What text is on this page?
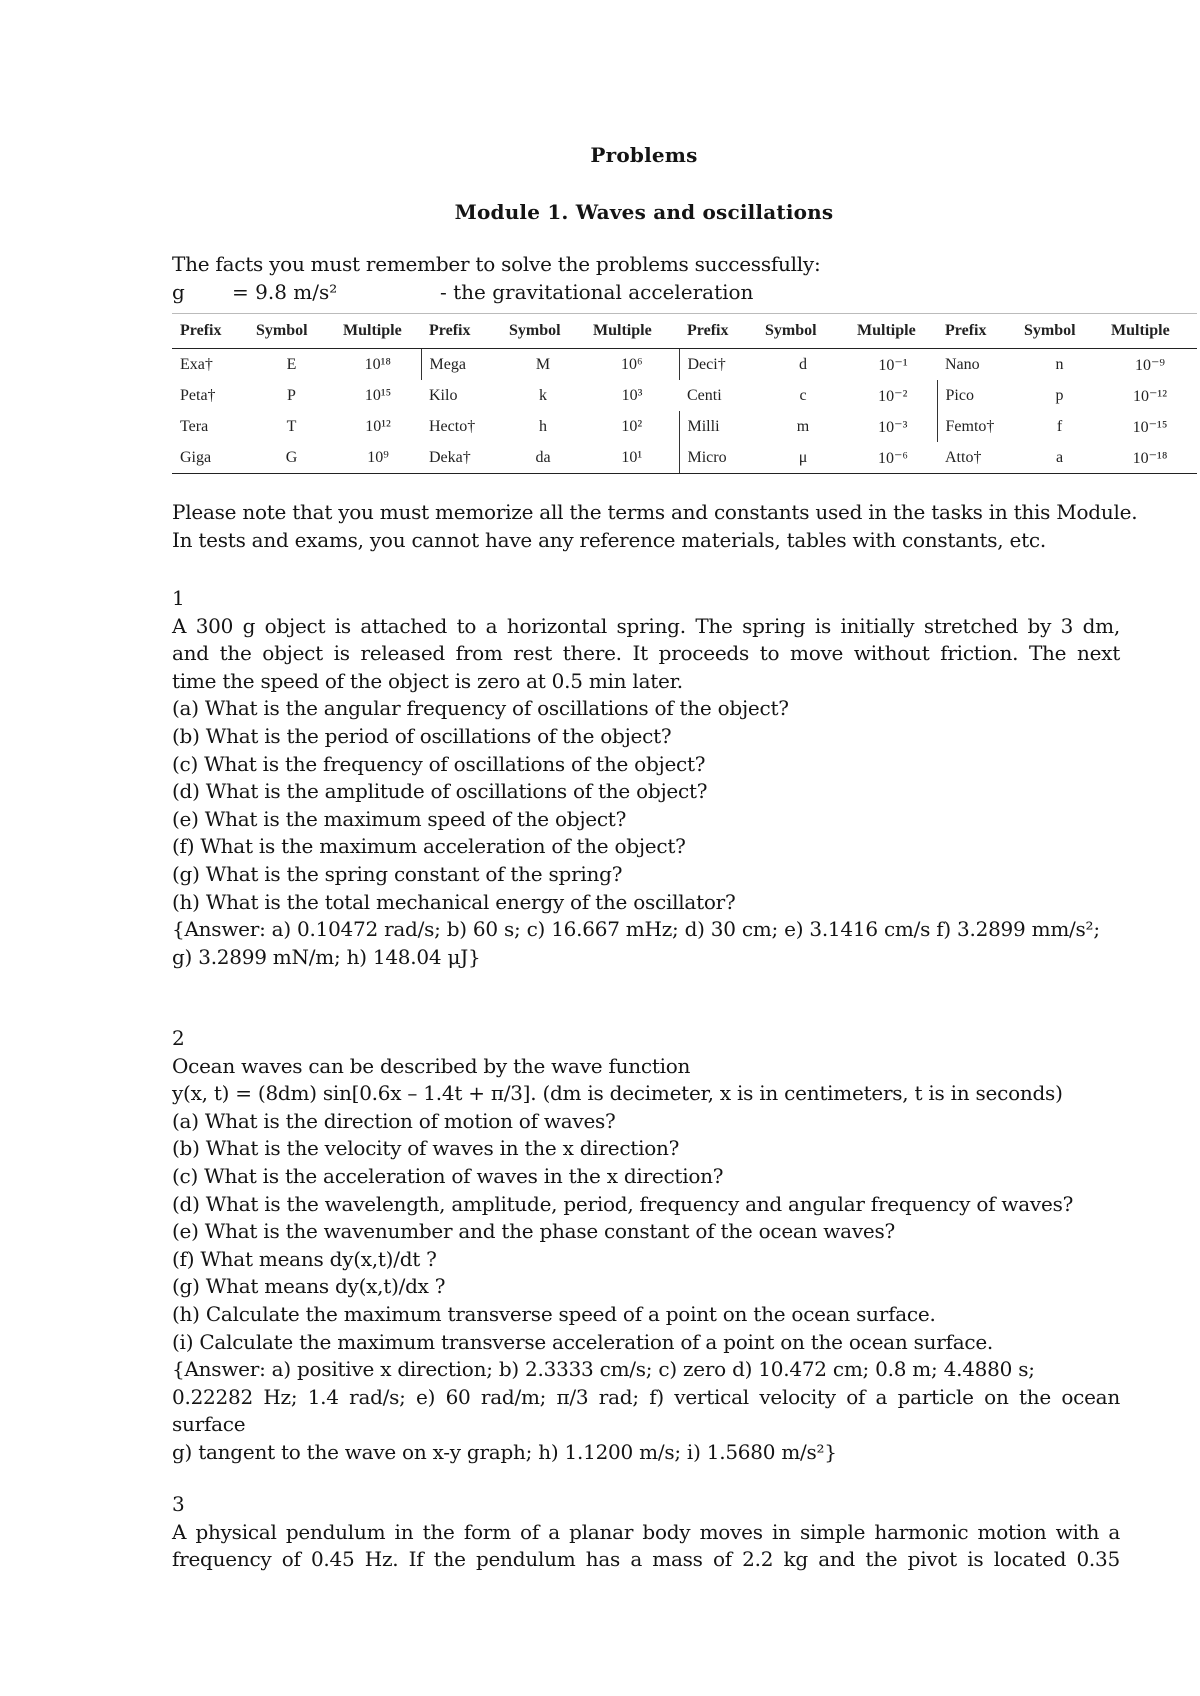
Problems
Module 1. Waves and oscillations
The facts you must remember to solve the problems successfully:
g	= 9.8 m/s²	- the gravitational acceleration
Prefix	Symbol	Multiple	Prefix	Symbol	Multiple	Prefix	Symbol	Multiple	Prefix	Symbol	Multiple
Exa†	E	10¹⁸	Mega	M	10⁶	Deci†	d	10⁻¹	Nano	n	10⁻⁹
Peta†	P	10¹⁵	Kilo	k	10³	Centi	c	10⁻²	Pico	p	10⁻¹²
Tera	T	10¹²	Hecto†	h	10²	Milli	m	10⁻³	Femto†	f	10⁻¹⁵
Giga	G	10⁹	Deka†	da	10¹	Micro	μ	10⁻⁶	Atto†	a	10⁻¹⁸
Please note that you must memorize all the terms and constants used in the tasks in this Module.
In tests and exams, you cannot have any reference materials, tables with constants, etc.
1
A 300 g object is attached to a horizontal spring. The spring is initially stretched by 3 dm,
and the object is released from rest there. It proceeds to move without friction. The next
time the speed of the object is zero at 0.5 min later.
(a) What is the angular frequency of oscillations of the object?
(b) What is the period of oscillations of the object?
(c) What is the frequency of oscillations of the object?
(d) What is the amplitude of oscillations of the object?
(e) What is the maximum speed of the object?
(f) What is the maximum acceleration of the object?
(g) What is the spring constant of the spring?
(h) What is the total mechanical energy of the oscillator?
{Answer: a) 0.10472 rad/s; b) 60 s; c) 16.667 mHz; d) 30 cm; e) 3.1416 cm/s f) 3.2899 mm/s²;
g) 3.2899 mN/m; h) 148.04 μJ}
2
Ocean waves can be described by the wave function
y(x, t) = (8dm) sin[0.6x – 1.4t + π/3]. (dm is decimeter, x is in centimeters, t is in seconds)
(a) What is the direction of motion of waves?
(b) What is the velocity of waves in the x direction?
(c) What is the acceleration of waves in the x direction?
(d) What is the wavelength, amplitude, period, frequency and angular frequency of waves?
(e) What is the wavenumber and the phase constant of the ocean waves?
(f) What means dy(x,t)/dt ?
(g) What means dy(x,t)/dx ?
(h) Calculate the maximum transverse speed of a point on the ocean surface.
(i) Calculate the maximum transverse acceleration of a point on the ocean surface.
{Answer: a) positive x direction; b) 2.3333 cm/s; c) zero d) 10.472 cm; 0.8 m; 4.4880 s;
0.22282 Hz; 1.4 rad/s; e) 60 rad/m; π/3 rad; f) vertical velocity of a particle on the ocean surface
g) tangent to the wave on x-y graph; h) 1.1200 m/s; i) 1.5680 m/s²}
3
A physical pendulum in the form of a planar body moves in simple harmonic motion with a
frequency of 0.45 Hz. If the pendulum has a mass of 2.2 kg and the pivot is located 0.35
